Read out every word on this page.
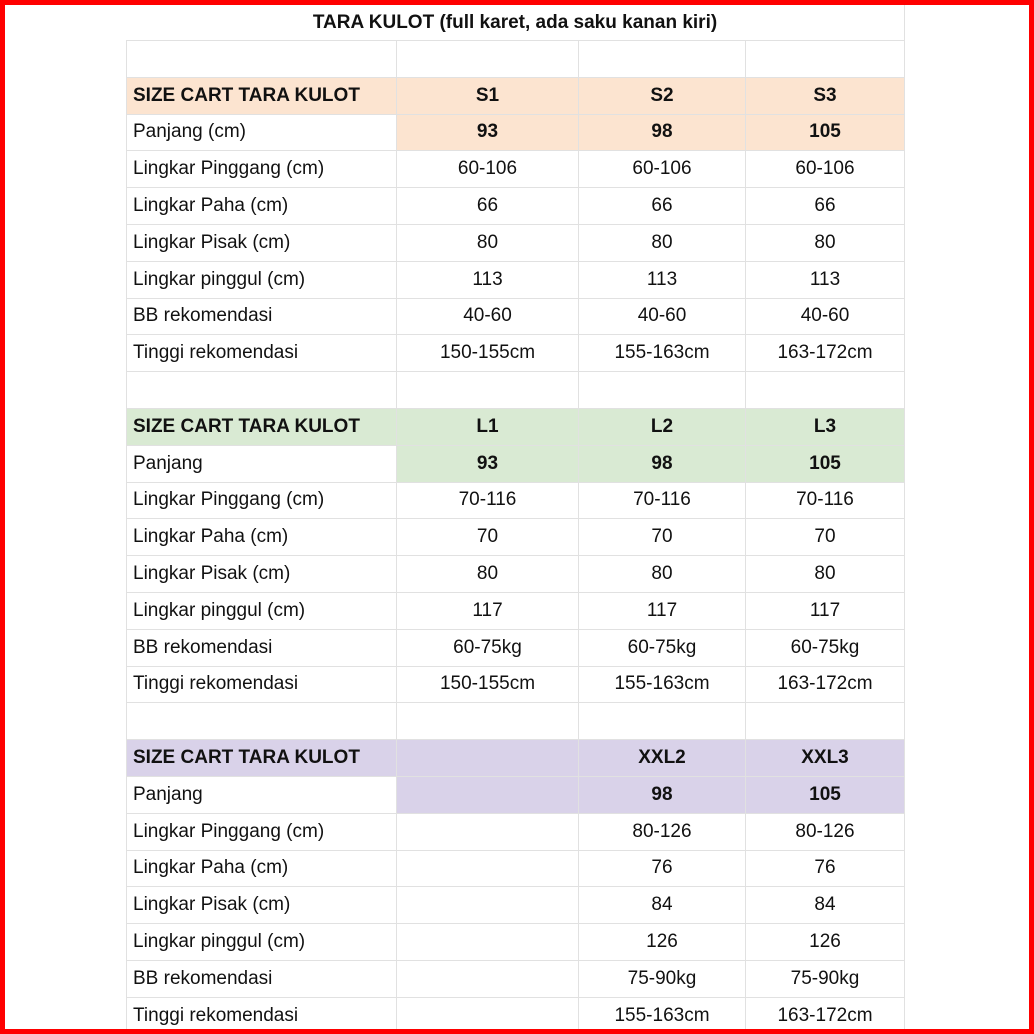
TARA KULOT (full karet, ada saku kanan kiri)
SIZE CART TARA KULOT	S1	S2	S3
Panjang (cm)	93	98	105
Lingkar Pinggang (cm)	60-106	60-106	60-106
Lingkar Paha (cm)	66	66	66
Lingkar Pisak (cm)	80	80	80
Lingkar pinggul (cm)	113	113	113
BB rekomendasi	40-60	40-60	40-60
Tinggi rekomendasi	150-155cm	155-163cm	163-172cm
SIZE CART TARA KULOT	L1	L2	L3
Panjang	93	98	105
Lingkar Pinggang (cm)	70-116	70-116	70-116
Lingkar Paha (cm)	70	70	70
Lingkar Pisak (cm)	80	80	80
Lingkar pinggul (cm)	117	117	117
BB rekomendasi	60-75kg	60-75kg	60-75kg
Tinggi rekomendasi	150-155cm	155-163cm	163-172cm
SIZE CART TARA KULOT	XXL2	XXL3
Panjang	98	105
Lingkar Pinggang (cm)	80-126	80-126
Lingkar Paha (cm)	76	76
Lingkar Pisak (cm)	84	84
Lingkar pinggul (cm)	126	126
BB rekomendasi	75-90kg	75-90kg
Tinggi rekomendasi	155-163cm	163-172cm
